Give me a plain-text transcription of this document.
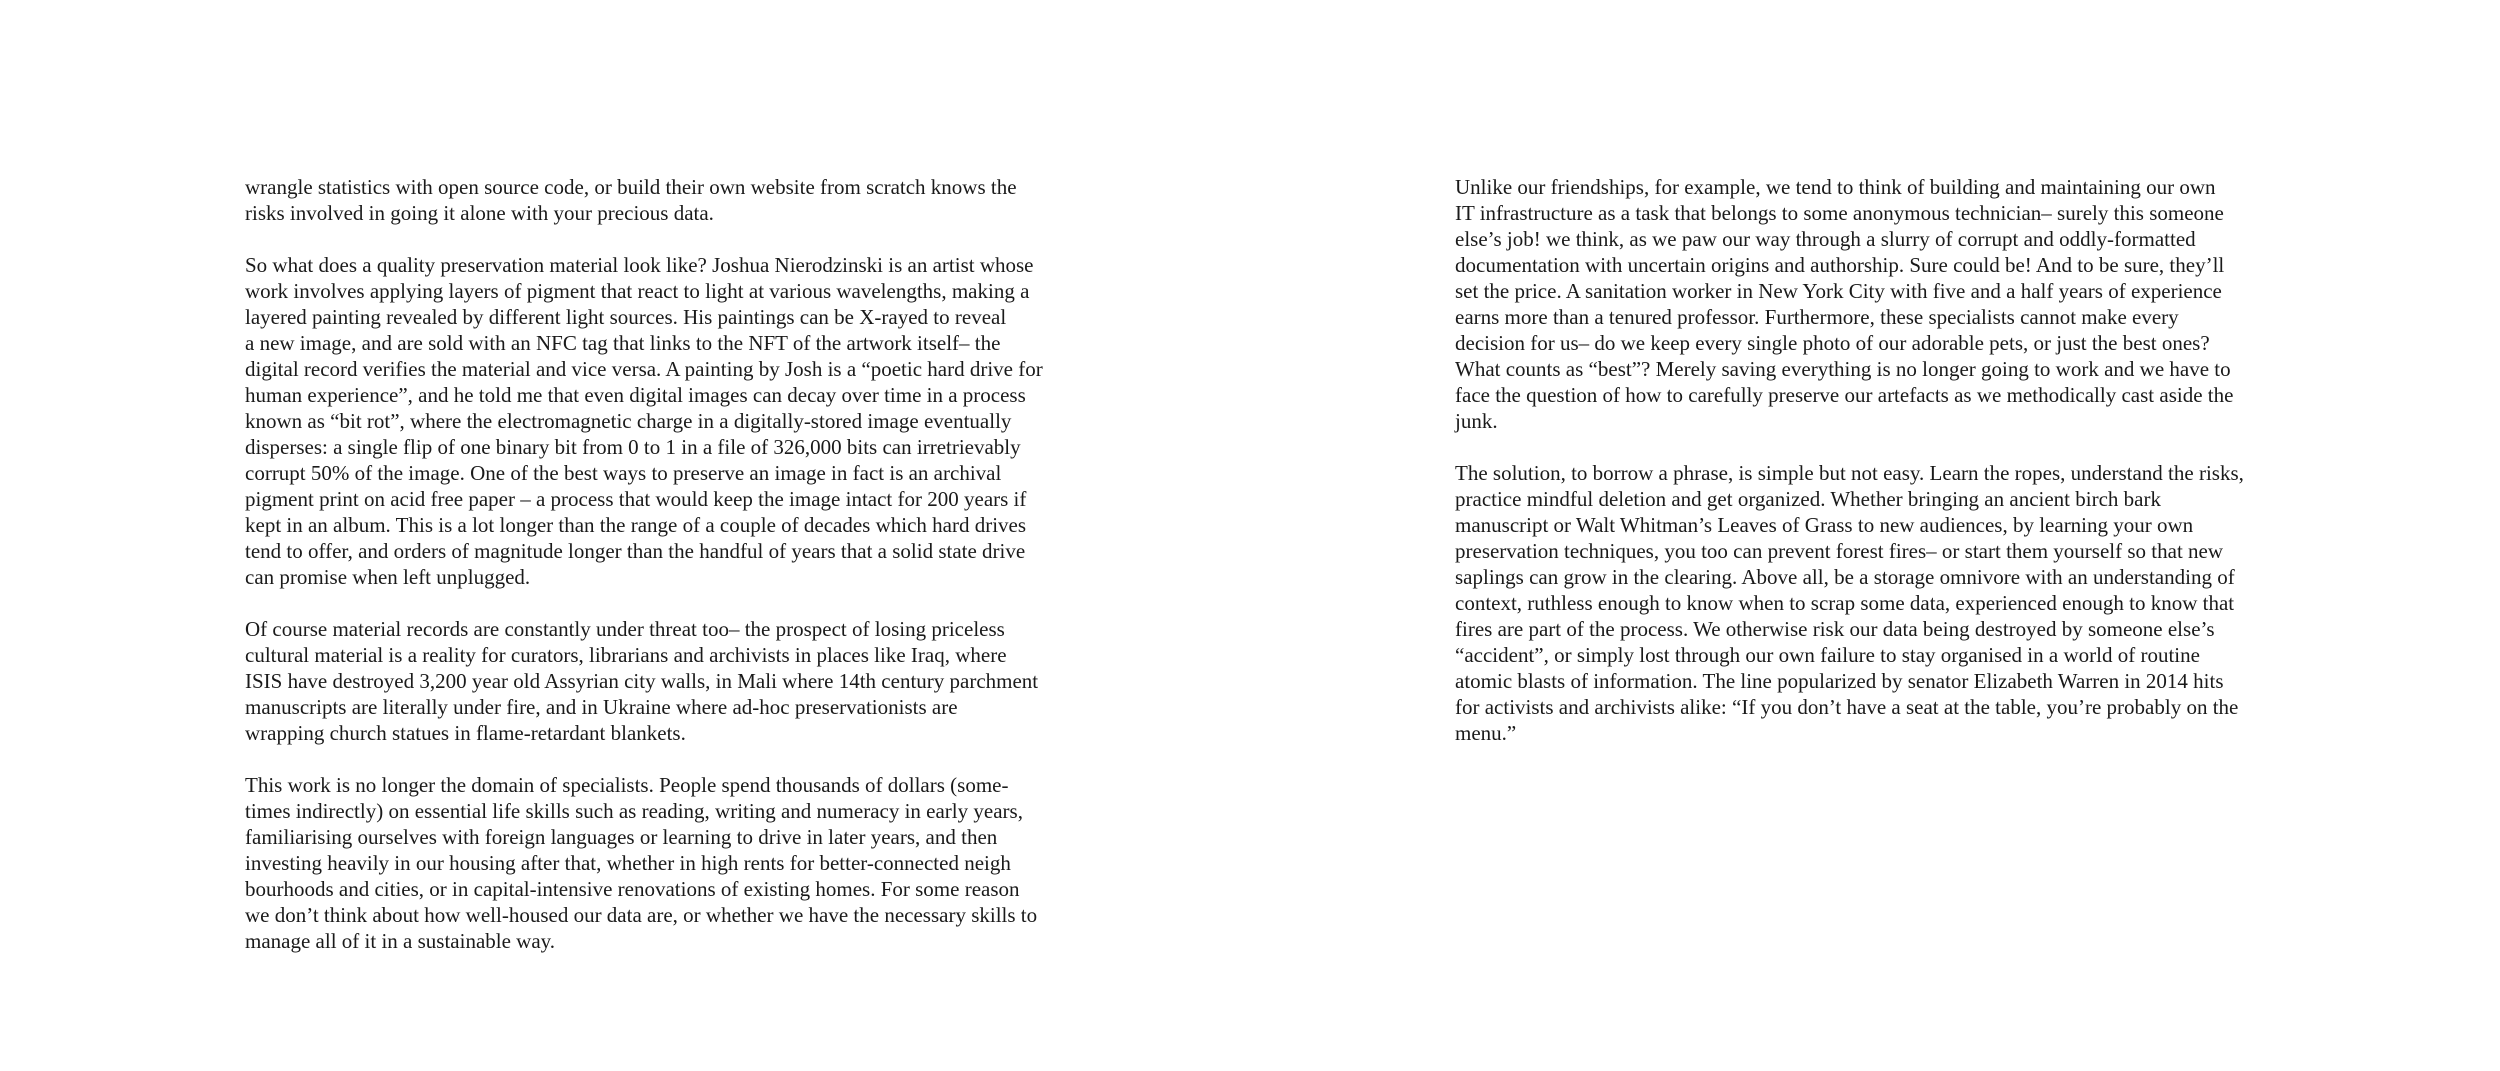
wrangle statistics with open source code, or build their own website from scratch knows the
risks involved in going it alone with your precious data.

So what does a quality preservation material look like? Joshua Nierodzinski is an artist whose
work involves applying layers of pigment that react to light at various wavelengths, making a
layered painting revealed by different light sources. His paintings can be X-rayed to reveal
a new image, and are sold with an NFC tag that links to the NFT of the artwork itself– the
digital record verifies the material and vice versa. A painting by Josh is a “poetic hard drive for
human experience”, and he told me that even digital images can decay over time in a process
known as “bit rot”, where the electromagnetic charge in a digitally-stored image eventually
disperses: a single flip of one binary bit from 0 to 1 in a file of 326,000 bits can irretrievably
corrupt 50% of the image. One of the best ways to preserve an image in fact is an archival
pigment print on acid free paper – a process that would keep the image intact for 200 years if
kept in an album. This is a lot longer than the range of a couple of decades which hard drives
tend to offer, and orders of magnitude longer than the handful of years that a solid state drive
can promise when left unplugged.

Of course material records are constantly under threat too– the prospect of losing priceless
cultural material is a reality for curators, librarians and archivists in places like Iraq, where
ISIS have destroyed 3,200 year old Assyrian city walls, in Mali where 14th century parchment
manuscripts are literally under fire, and in Ukraine where ad-hoc preservationists are
wrapping church statues in flame-retardant blankets.

This work is no longer the domain of specialists. People spend thousands of dollars (some-
times indirectly) on essential life skills such as reading, writing and numeracy in early years,
familiarising ourselves with foreign languages or learning to drive in later years, and then
investing heavily in our housing after that, whether in high rents for better-connected neigh
bourhoods and cities, or in capital-intensive renovations of existing homes. For some reason
we don’t think about how well-housed our data are, or whether we have the necessary skills to
manage all of it in a sustainable way.

Unlike our friendships, for example, we tend to think of building and maintaining our own
IT infrastructure as a task that belongs to some anonymous technician– surely this someone
else’s job! we think, as we paw our way through a slurry of corrupt and oddly-formatted
documentation with uncertain origins and authorship. Sure could be! And to be sure, they’ll
set the price. A sanitation worker in New York City with five and a half years of experience
earns more than a tenured professor. Furthermore, these specialists cannot make every
decision for us– do we keep every single photo of our adorable pets, or just the best ones?
What counts as “best”? Merely saving everything is no longer going to work and we have to
face the question of how to carefully preserve our artefacts as we methodically cast aside the
junk.

The solution, to borrow a phrase, is simple but not easy. Learn the ropes, understand the risks,
practice mindful deletion and get organized. Whether bringing an ancient birch bark
manuscript or Walt Whitman’s Leaves of Grass to new audiences, by learning your own
preservation techniques, you too can prevent forest fires– or start them yourself so that new
saplings can grow in the clearing. Above all, be a storage omnivore with an understanding of
context, ruthless enough to know when to scrap some data, experienced enough to know that
fires are part of the process. We otherwise risk our data being destroyed by someone else’s
“accident”, or simply lost through our own failure to stay organised in a world of routine
atomic blasts of information. The line popularized by senator Elizabeth Warren in 2014 hits
for activists and archivists alike: “If you don’t have a seat at the table, you’re probably on the
menu.”
